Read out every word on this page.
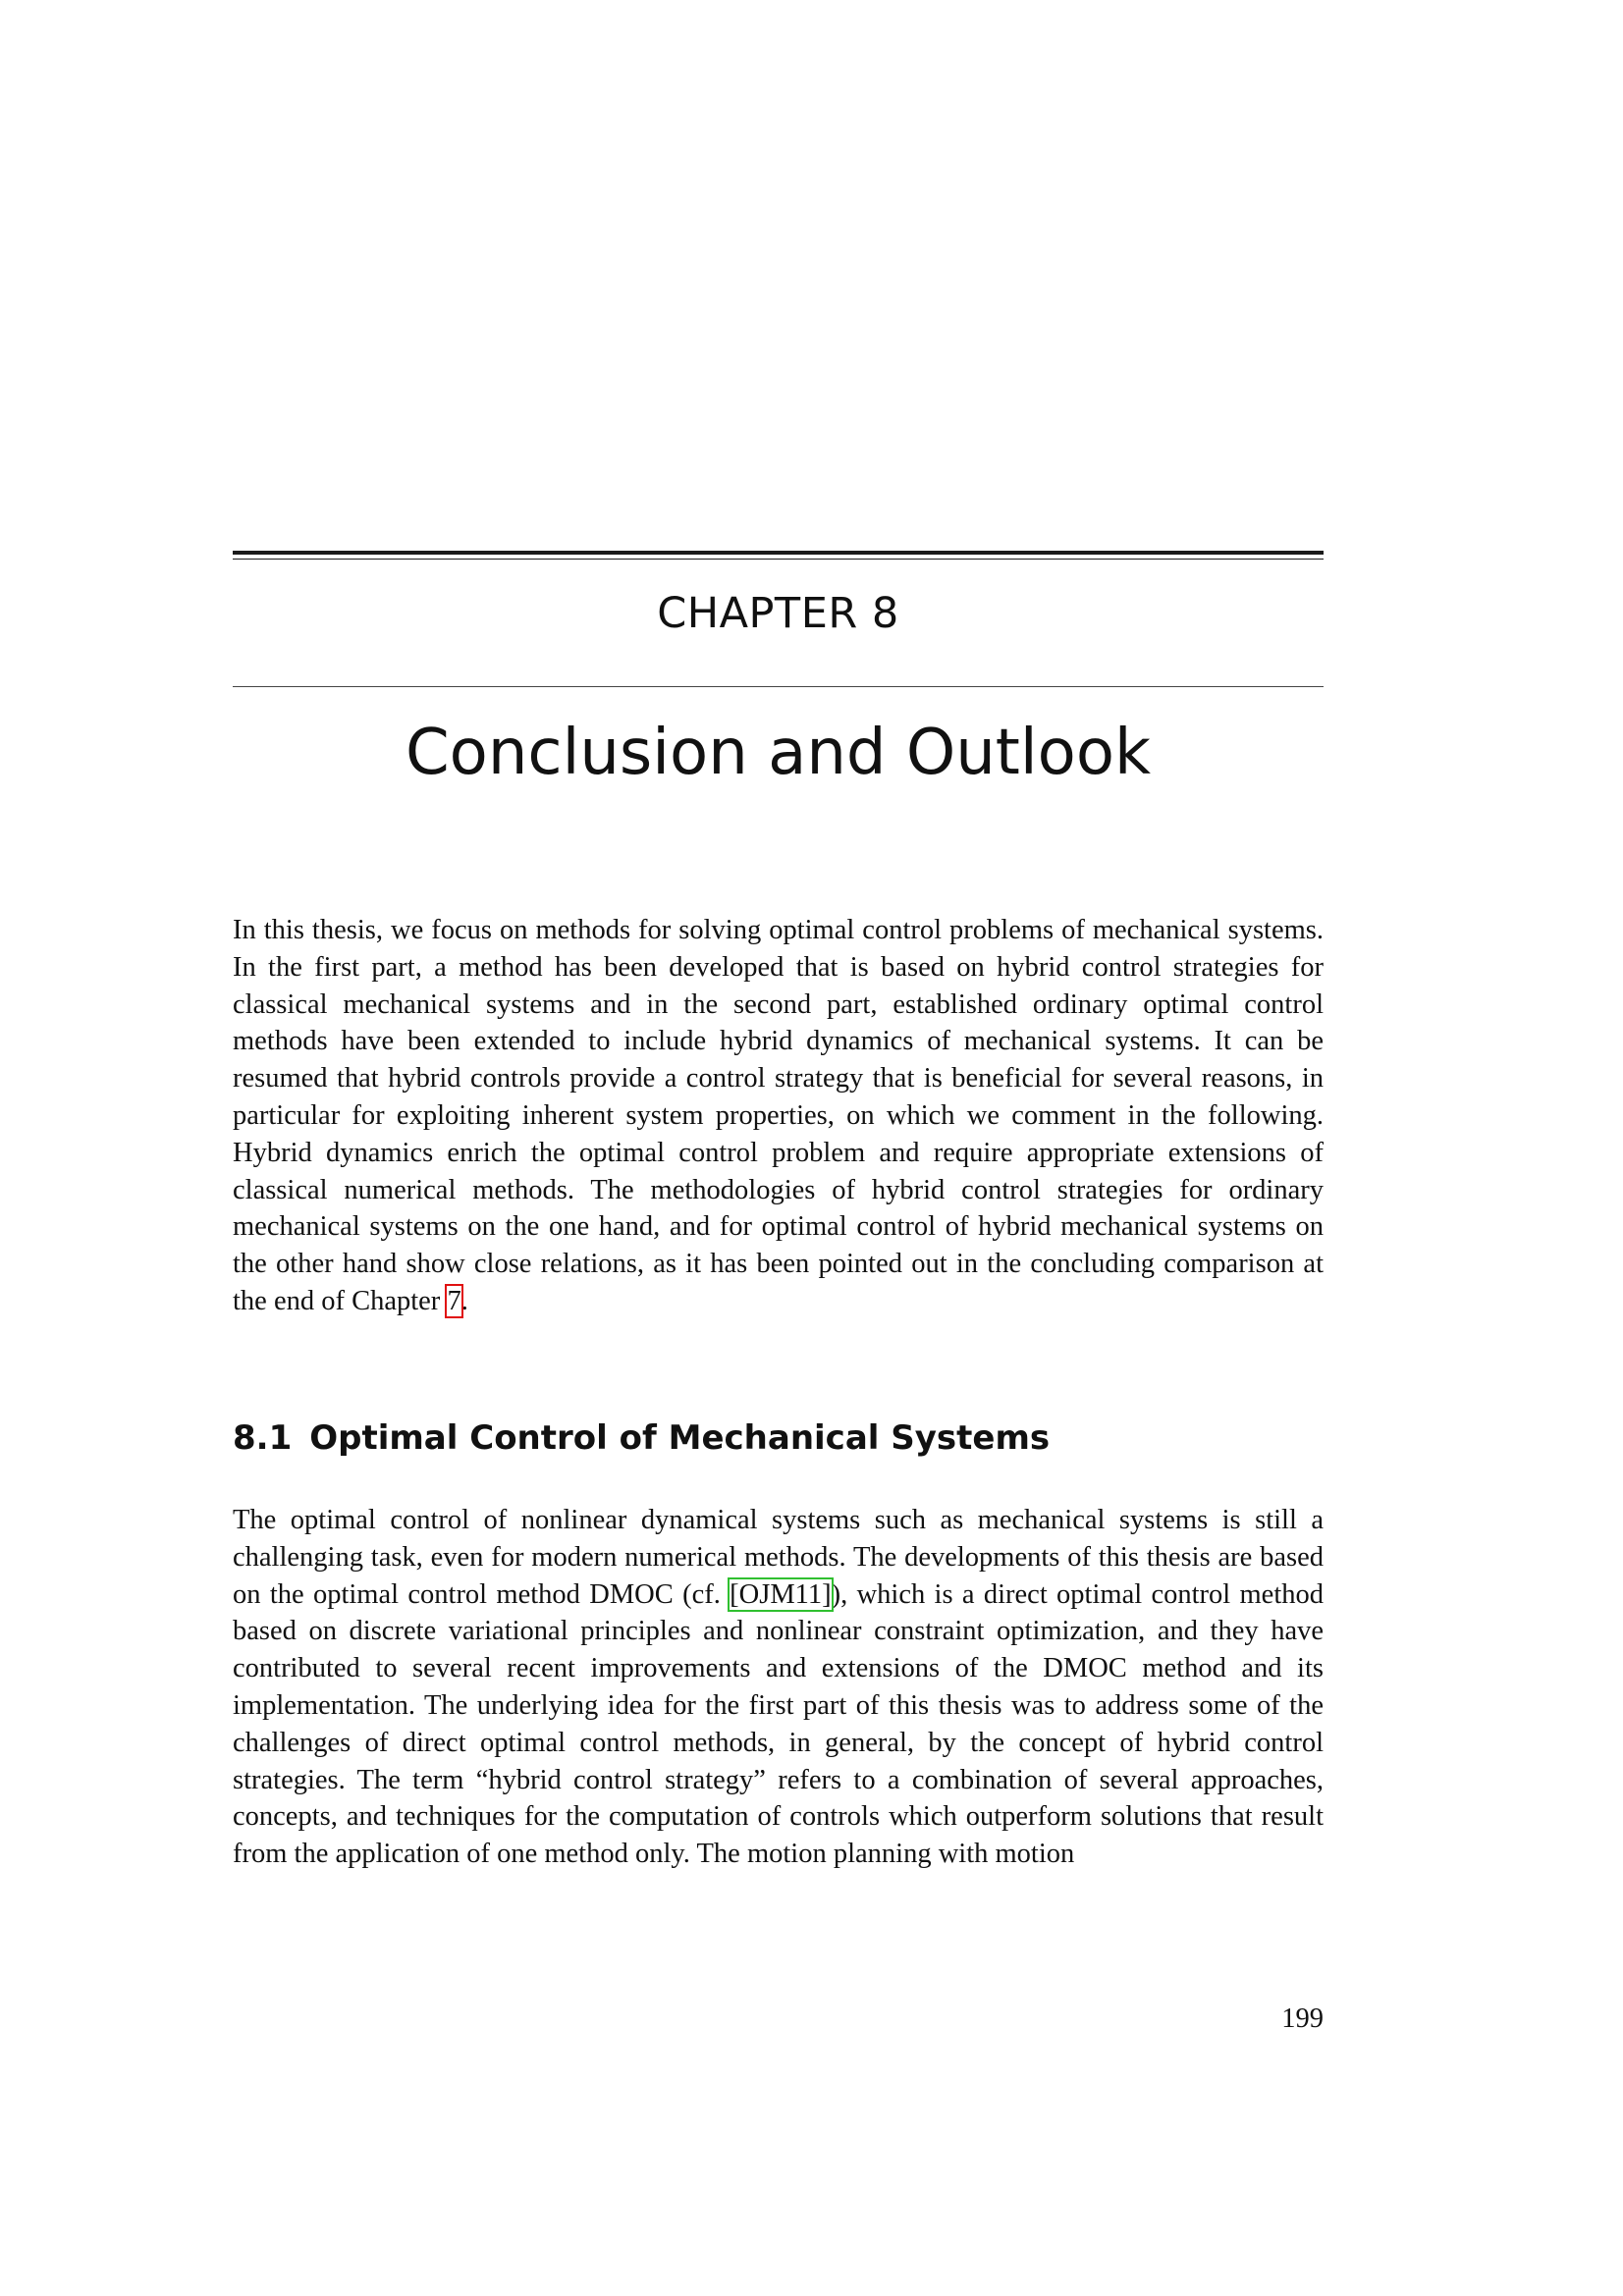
CHAPTER 8
Conclusion and Outlook

In this thesis, we focus on methods for solving optimal control problems of mechanical systems. In the first part, a method has been developed that is based on hybrid control strategies for classical mechanical systems and in the second part, established ordinary optimal control methods have been extended to include hybrid dynamics of mechanical systems. It can be resumed that hybrid controls provide a control strategy that is beneficial for several reasons, in particular for exploiting inherent system properties, on which we comment in the following. Hybrid dynamics enrich the optimal control problem and require appropriate extensions of classical numerical methods. The methodologies of hybrid control strategies for ordinary mechanical systems on the one hand, and for optimal control of hybrid mechanical systems on the other hand show close relations, as it has been pointed out in the concluding comparison at the end of Chapter 7.

8.1 Optimal Control of Mechanical Systems

The optimal control of nonlinear dynamical systems such as mechanical systems is still a challenging task, even for modern numerical methods. The developments of this thesis are based on the optimal control method DMOC (cf. [OJM11]), which is a direct optimal control method based on discrete variational principles and nonlinear constraint optimization, and they have contributed to several recent improvements and extensions of the DMOC method and its implementation. The underlying idea for the first part of this thesis was to address some of the challenges of direct optimal control methods, in general, by the concept of hybrid control strategies. The term “hybrid control strategy” refers to a combination of several approaches, concepts, and techniques for the computation of controls which outperform solutions that result from the application of one method only. The motion planning with motion

199
